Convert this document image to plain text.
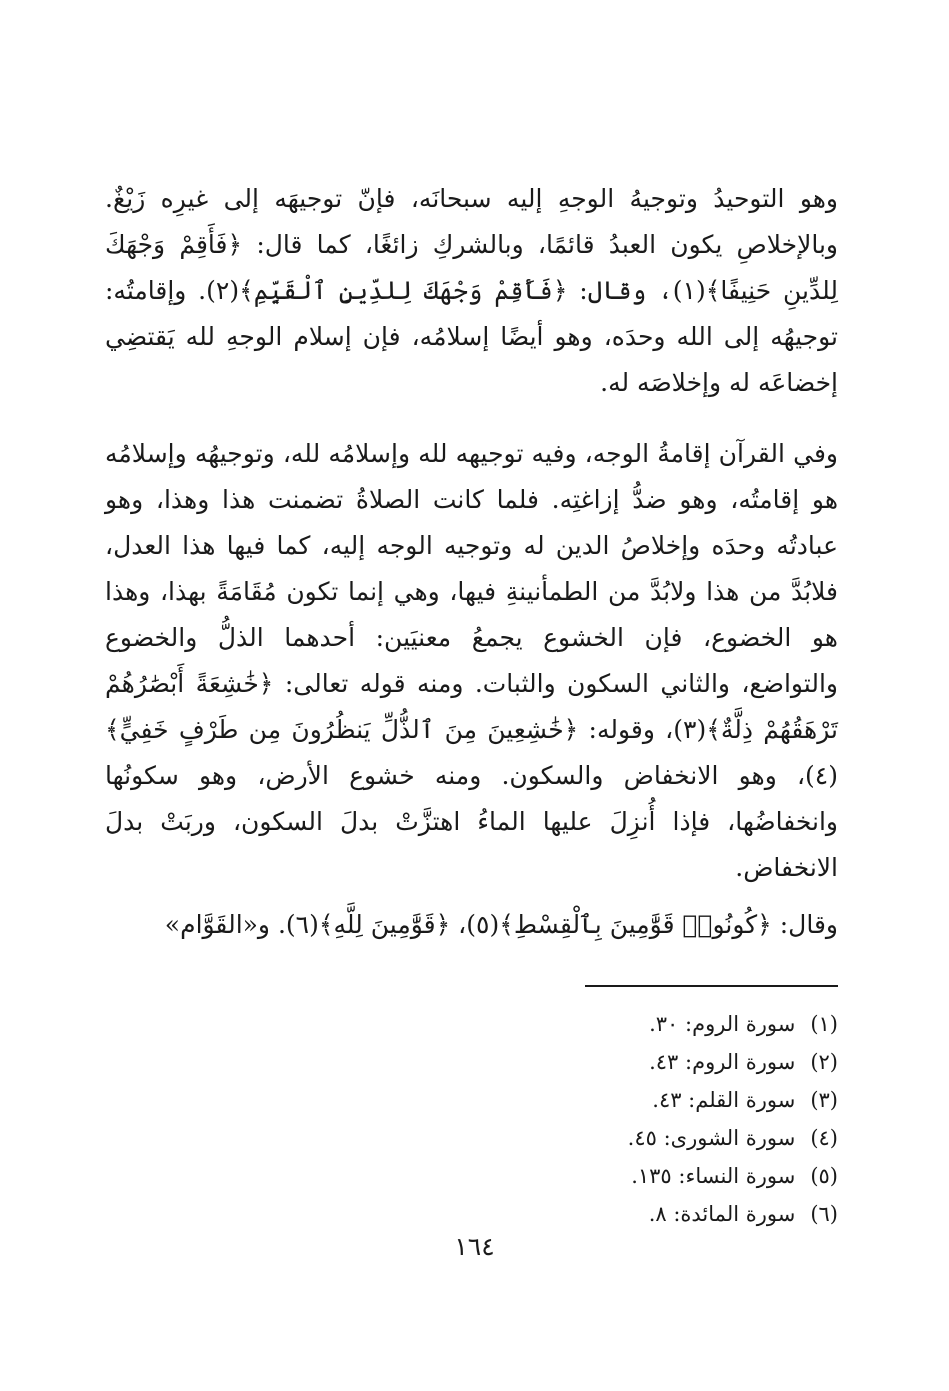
وهو التوحيدُ وتوجيهُ الوجهِ إليه سبحانَه، فإنّ توجيهَه إلى غيرِه زَيْغٌ. وبالإخلاصِ يكون العبدُ قائمًا، وبالشركِ زائغًا، كما قال: ﴿فَأَقِمْ وَجْهَكَ لِلدِّينِ حَنِيفًا﴾(١)، وقال: ﴿فَأَقِمْ وَجْهَكَ لِلدِّينِ ٱلْقَيِّمِ﴾(٢). وإقامتُه: توجيهُه إلى الله وحدَه، وهو أيضًا إسلامُه، فإن إسلام الوجهِ لله يَقتضِي إخضاعَه له وإخلاصَه له.

وفي القرآن إقامةُ الوجه، وفيه توجيهه لله وإسلامُه لله، وتوجيهُه وإسلامُه هو إقامتُه، وهو ضدُّ إزاغتِه. فلما كانت الصلاةُ تضمنت هذا وهذا، وهو عبادتُه وحدَه وإخلاصُ الدين له وتوجيه الوجه إليه، كما فيها هذا العدل، فلابُدَّ من هذا ولابُدَّ من الطمأنينةِ فيها، وهي إنما تكون مُقَامَةً بهذا، وهذا هو الخضوع، فإن الخشوع يجمعُ معنيَين: أحدهما الذلُّ والخضوع والتواضع، والثاني السكون والثبات. ومنه قوله تعالى: ﴿خَٰشِعَةً أَبْصَٰرُهُمْ تَرْهَقُهُمْ ذِلَّةٌ﴾(٣)، وقوله: ﴿خَٰشِعِينَ مِنَ ٱلذُّلِّ يَنظُرُونَ مِن طَرْفٍ خَفِيٍّ﴾(٤)، وهو الانخفاض والسكون. ومنه خشوع الأرض، وهو سكونُها وانخفاضُها، فإذا أُنزِلَ عليها الماءُ اهتزَّتْ بدلَ السكون، وربَتْ بدلَ الانخفاض.

وقال: ﴿كُونُوا۟ قَوَّٰمِينَ بِٱلْقِسْطِ﴾(٥)، ﴿قَوَّٰمِينَ لِلَّهِ﴾(٦). و«القَوَّام»

(١) سورة الروم: ٣٠.
(٢) سورة الروم: ٤٣.
(٣) سورة القلم: ٤٣.
(٤) سورة الشورى: ٤٥.
(٥) سورة النساء: ١٣٥.
(٦) سورة المائدة: ٨.
١٦٤
